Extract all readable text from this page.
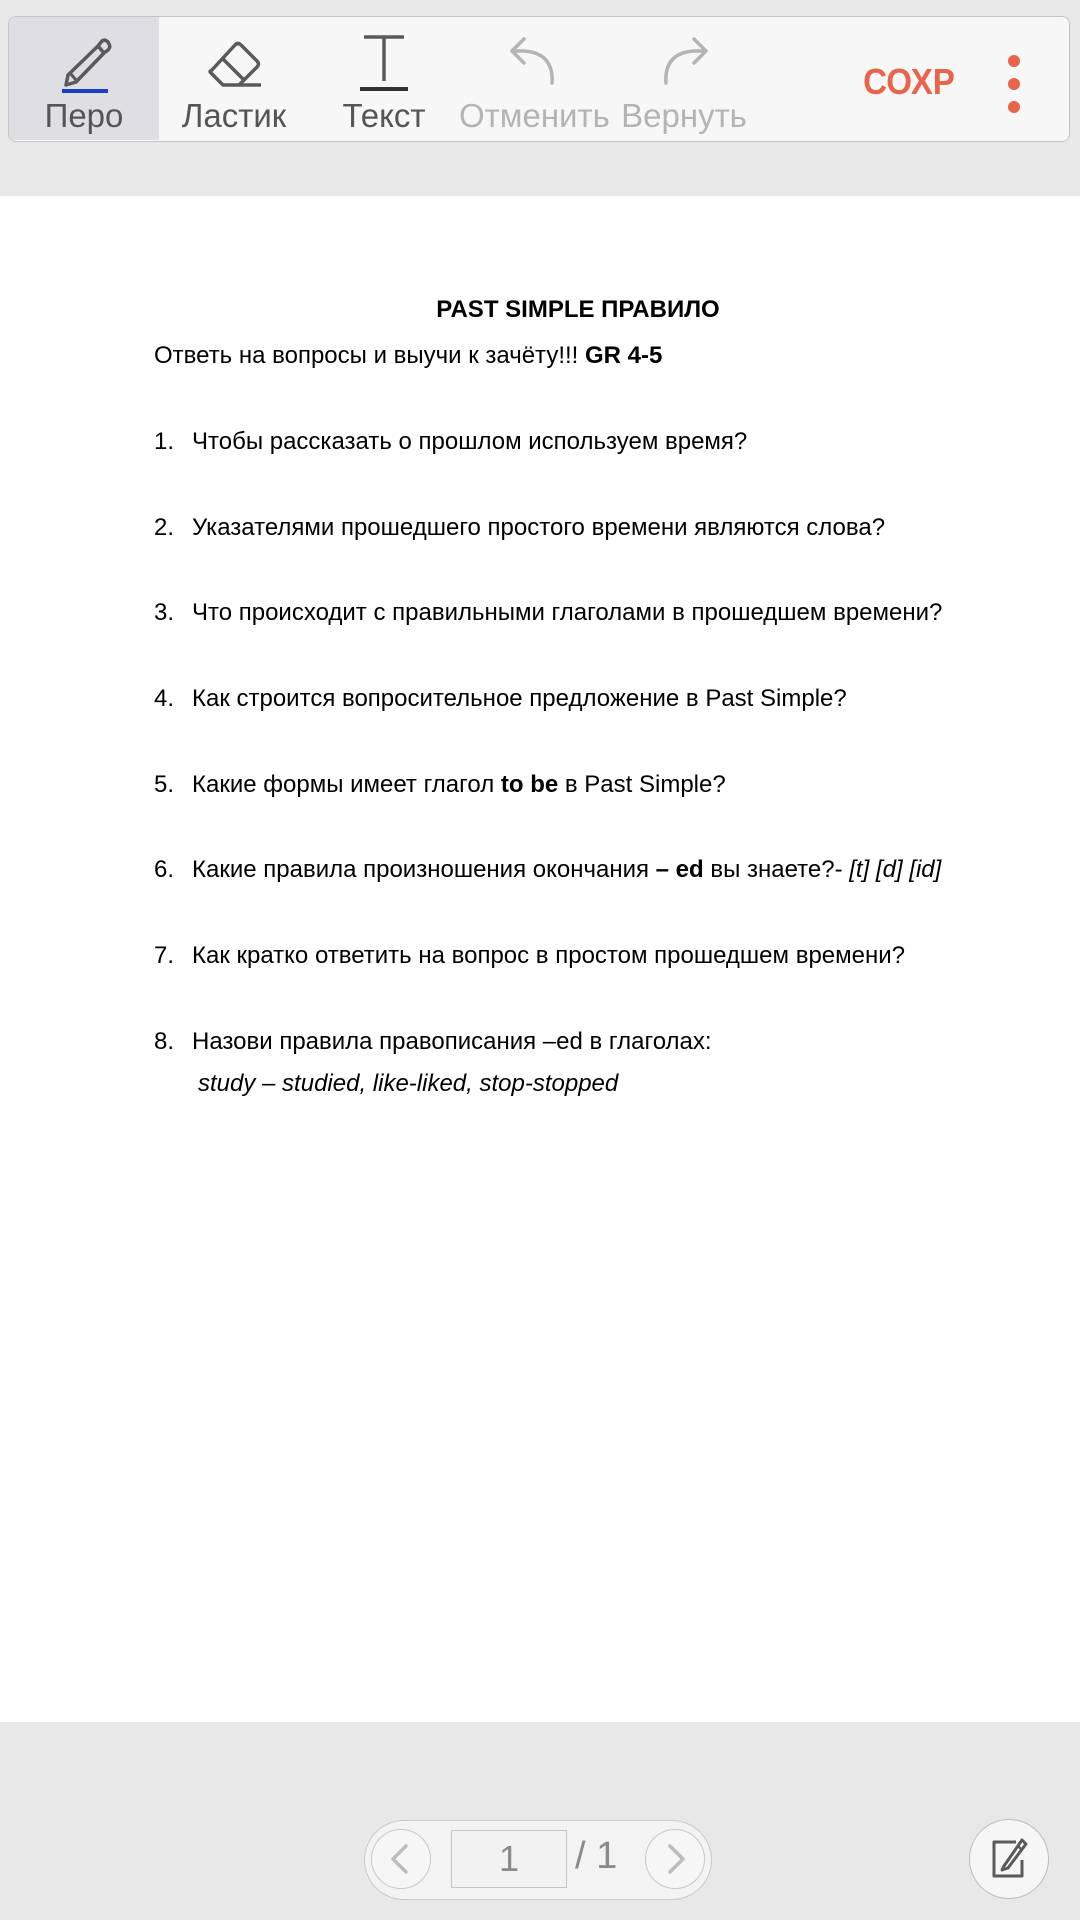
Перо	Ластик	Текст	Отменить Вернуть
СОХР
PAST SIMPLE ПРАВИЛО
Ответь на вопросы и выучи к зачёту!!! GR 4-5
1. Чтобы рассказать о прошлом используем время?
2. Указателями прошедшего простого времени являются слова?
3. Что происходит с правильными глаголами в прошедшем времени?
4. Как строится вопросительное предложение в Past Simple?
5. Какие формы имеет глагол to be в Past Simple?
6. Какие правила произношения окончания – ed вы знаете?- [t] [d] [id]
7. Как кратко ответить на вопрос в простом прошедшем времени?
8. Назови правила правописания –ed в глаголах:
study – studied, like-liked, stop-stopped
1	/ 1
